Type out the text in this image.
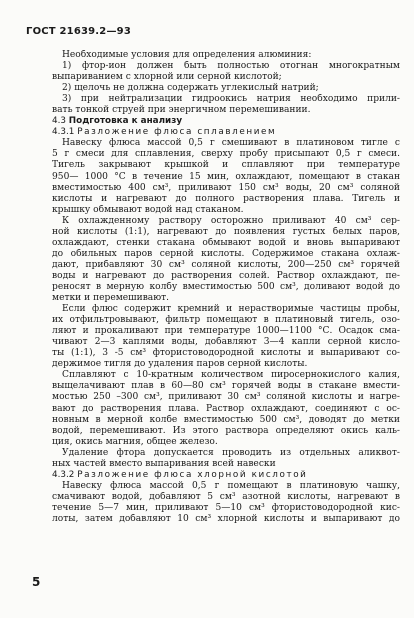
ГОСТ 21639.2—93
Необходимые условия для определения алюминия:
1) фтор-ион должен быть полностью отогнан многократным
выпариванием с хлорной или серной кислотой;
2) щелочь не должна содержать углекислый натрий;
3) при нейтрализации гидроокись натрия необходимо прили-
вать тонкой струей при энергичном перемешивании.
4.3 Подготовка к анализу
4.3.1 Разложение флюса сплавлением
Навеску флюса массой 0,5 г смешивают в платиновом тигле с
5 г смеси для сплавления, сверху пробу присыпают 0,5 г смеси.
Тигель закрывают крышкой и сплавляют при температуре
950— 1000 °С в течение 15 мин, охлаждают, помещают в стакан
вместимостью 400 см³, приливают 150 см³ воды, 20 см³ соляной
кислоты и нагревают до полного растворения плава. Тигель и
крышку обмывают водой над стаканом.
К охлажденному раствору осторожно приливают 40 см³ сер-
ной кислоты (1:1), нагревают до появления густых белых паров,
охлаждают, стенки стакана обмывают водой и вновь выпаривают
до обильных паров серной кислоты. Содержимое стакана охлаж-
дают, прибавляют 30 см³ соляной кислоты, 200—250 см³ горячей
воды и нагревают до растворения солей. Раствор охлаждают, пе-
реносят в мерную колбу вместимостью 500 см³, доливают водой до
метки и перемешивают.
Если флюс содержит кремний и нерастворимые частицы пробы,
их отфильтровывают, фильтр помещают в платиновый тигель, озо-
ляют и прокаливают при температуре 1000—1100 °С. Осадок сма-
чивают 2—3 каплями воды, добавляют 3—4 капли серной кисло-
ты (1:1), 3 -5 см³ фтористоводородной кислоты и выпаривают со-
держимое тигля до удаления паров серной кислоты.
Сплавляют с 10-кратным количеством пиросернокислого калия,
выщелачивают плав в 60—80 см³ горячей воды в стакане вмести-
мостью 250 –300 см³, приливают 30 см³ соляной кислоты и нагре-
вают до растворения плава. Раствор охлаждают, соединяют с ос-
новным в мерной колбе вместимостью 500 см³, доводят до метки
водой, перемешивают. Из этого раствора определяют окись каль-
ция, окись магния, общее железо.
Удаление фтора допускается проводить из отдельных аликвот-
ных частей вместо выпаривания всей навески
4.3.2 Разложение флюса хлорной кислотой
Навеску флюса массой 0,5 г помещают в платиновую чашку,
смачивают водой, добавляют 5 см³ азотной кислоты, нагревают в
течение 5—7 мин, приливают 5—10 см³ фтористоводородной кис-
лоты, затем добавляют 10 см³ хлорной кислоты и выпаривают до
5
